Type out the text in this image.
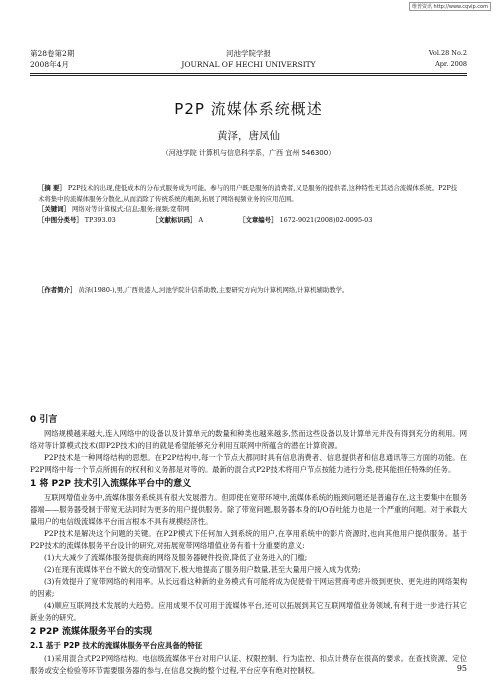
维普资讯 http://www.cqvip.com
第28卷第2期
2008年4月
河池学院学报
JOURNAL OF HECHI UNIVERSITY
Vol.28 No.2
Apr. 2008
P2P 流媒体系统概述
黄泽，唐凤仙
（河池学院 计算机与信息科学系，广西 宜州 546300）
［摘 要］ P2P技术的出现,使低成本的分布式服务成为可能。参与的用户既是服务的消费者,又是服务的提供者,这种特性无其适合流媒体系统。P2P技术将集中的流媒体服务分散化,从而消除了传统系统的瓶颈,拓展了网络视频业务的应用范围。
［关键词］ 网络对等计算模式;信息;服务;视频;宽带网
［中图分类号］ TP393.03	［文献标识码］ A	［文章编号］ 1672-9021(2008)02-0095-03
［作者简介］ 黄泽(1980-),男,广西贵港人,河池学院计信系助教,主要研究方向为计算机网络,计算机辅助教学。
0 引言

网络规模越来越大,连入网络中的设备以及计算单元的数量和种类也越来越多,然而这些设备以及计算单元并没有得到充分的利用。网络对等计算模式技术(即P2P技术)的目的就是希望能够充分利用互联网中所蕴含的潜在计算资源。

P2P技术是一种网络结构的思想。在P2P结构中,每一个节点大都同时具有信息消费者、信息提供者和信息通讯等三方面的功能。在P2P网络中每一个节点所拥有的权利和义务都是对等的。最新的混合式P2P技术将用户节点按能力进行分类,使其能担任特殊的任务。

1 将 P2P 技术引入流媒体平台中的意义

互联网增值业务中,流媒体服务系统具有很大发展潜力。但即使在宽带环境中,流媒体系统的瓶颈问题还是普遍存在,这主要集中在服务器端——服务器受制于带宽无法同时为更多的用户提供服务。除了带宽问题,服务器本身的I/O吞吐能力也是一个严重的问题。对于承载大量用户的电信级流媒体平台而言根本不具有规模经济性。

P2P技术是解决这个问题的关键。在P2P模式下任何加入到系统的用户,在享用系统中的影片资源时,也向其他用户提供服务。基于P2P技术的流媒体服务平台设计的研究,对拓展宽带网络增值业务有着十分重要的意义:

(1)大大减少了流媒体服务提供商的网络及服务器硬件投资,降低了业务进入的门槛;

(2)在现有流媒体平台不做大的变动情况下,极大地提高了服务用户数量,甚至大量用户接入成为优势;

(3)有效提升了宽带网络的利用率。从长远看这种新的业务模式有可能将成为促使骨干网运营商考虑升级到更快、更先进的网络架构的因素;

(4)顺应互联网技术发展的大趋势。应用成果不仅可用于流媒体平台,还可以拓展到其它互联网增值业务领域,有利于进一步进行其它新业务的研究。

2 P2P 流媒体服务平台的实现
2.1 基于 P2P 技术的流媒体服务平台应具备的特征

(1)采用混合式P2P网络结构。电信级流媒体平台对用户认证、权限控制、行为监控、扣点计费存在很高的要求。在查找资源、定位服务或安全检验等环节需要服务器的参与,在信息交换的整个过程,平台应享有绝对控制权。	95
